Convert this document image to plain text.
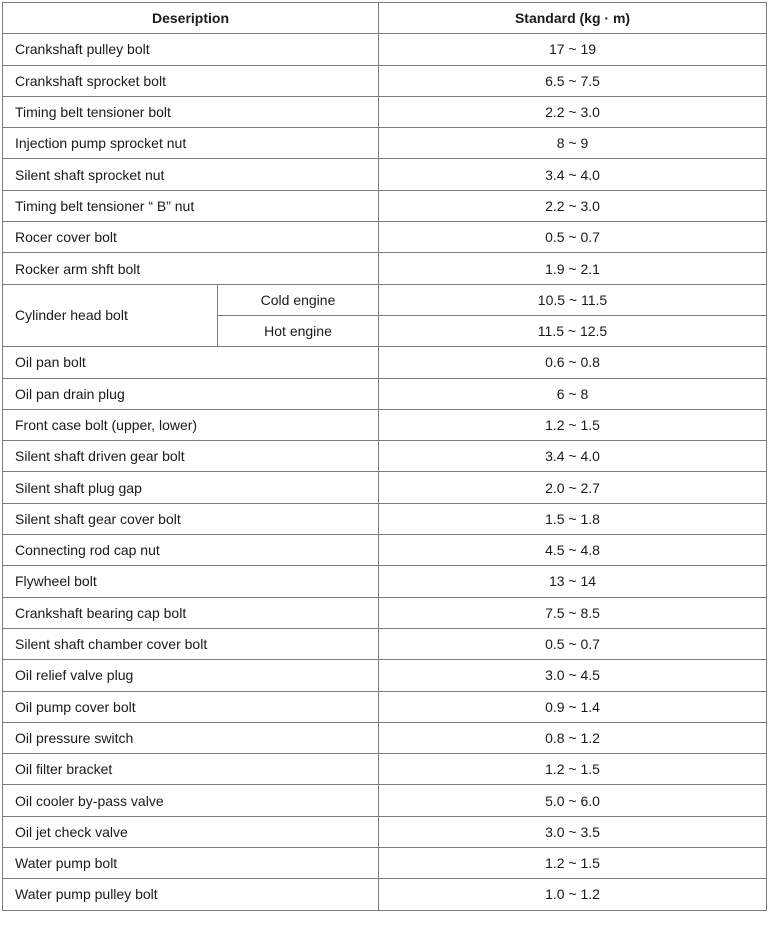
Deseription		Standard (kg · m)
Crankshaft pulley bolt		17 ~ 19
Crankshaft sprocket bolt		6.5 ~ 7.5
Timing belt tensioner bolt		2.2 ~ 3.0
Injection pump sprocket nut		8 ~ 9
Silent shaft sprocket nut		3.4 ~ 4.0
Timing belt tensioner “ B” nut		2.2 ~ 3.0
Rocer cover bolt		0.5 ~ 0.7
Rocker arm shft bolt		1.9 ~ 2.1
Cylinder head bolt	Cold engine	10.5 ~ 11.5
	Hot engine	11.5 ~ 12.5
Oil pan bolt		0.6 ~ 0.8
Oil pan drain plug		6 ~ 8
Front case bolt (upper, lower)		1.2 ~ 1.5
Silent shaft driven gear bolt		3.4 ~ 4.0
Silent shaft plug gap		2.0 ~ 2.7
Silent shaft gear cover bolt		1.5 ~ 1.8
Connecting rod cap nut		4.5 ~ 4.8
Flywheel bolt		13 ~ 14
Crankshaft bearing cap bolt		7.5 ~ 8.5
Silent shaft chamber cover bolt		0.5 ~ 0.7
Oil relief valve plug		3.0 ~ 4.5
Oil pump cover bolt		0.9 ~ 1.4
Oil pressure switch		0.8 ~ 1.2
Oil filter bracket		1.2 ~ 1.5
Oil cooler by-pass valve		5.0 ~ 6.0
Oil jet check valve		3.0 ~ 3.5
Water pump bolt		1.2 ~ 1.5
Water pump pulley bolt		1.0 ~ 1.2
